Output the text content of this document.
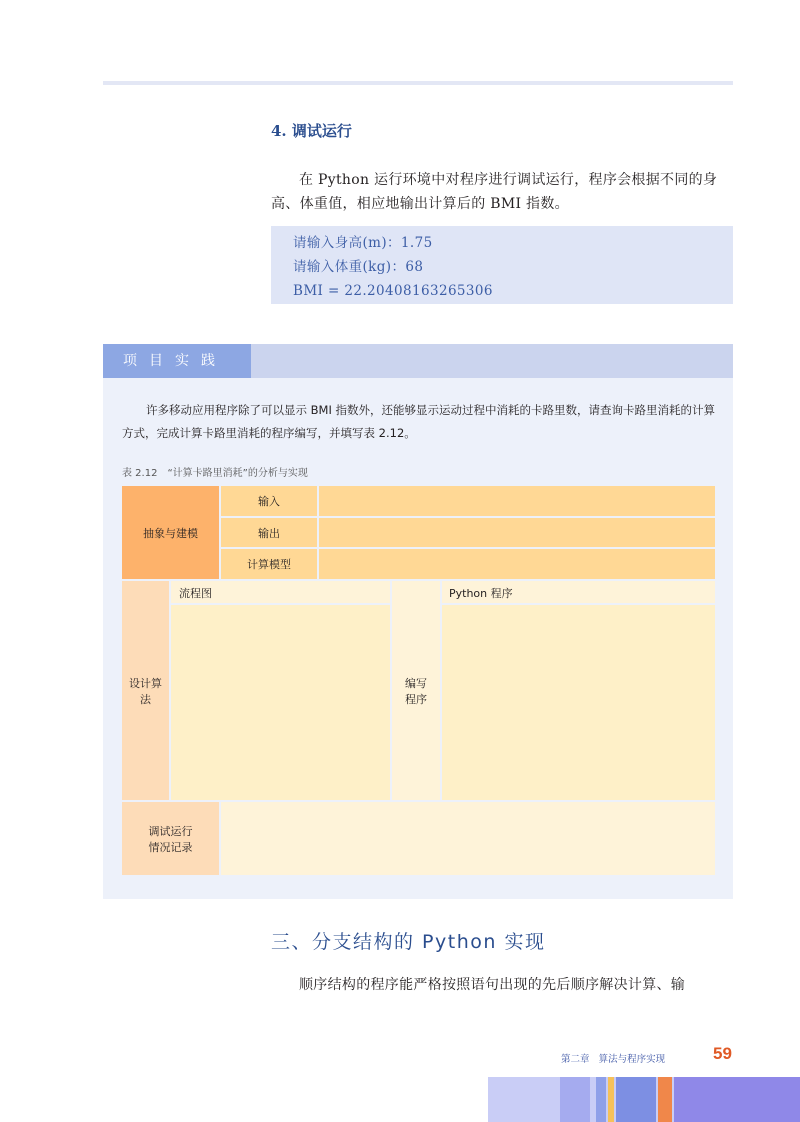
4. 调试运行
在 Python 运行环境中对程序进行调试运行，程序会根据不同的身高、体重值，相应地输出计算后的 BMI 指数。
请输入身高(m)：1.75
请输入体重(kg)：68
BMI = 22.20408163265306
项目实践
许多移动应用程序除了可以显示 BMI 指数外，还能够显示运动过程中消耗的卡路里数，请查询卡路里消耗的计算方式，完成计算卡路里消耗的程序编写，并填写表 2.12。
表 2.12 “计算卡路里消耗”的分析与实现
抽象与建模
输入
输出
计算模型
设计算法
流程图
编写程序
Python 程序
调试运行情况记录
三、分支结构的 Python 实现
顺序结构的程序能严格按照语句出现的先后顺序解决计算、输
第二章 算法与程序实现	59
